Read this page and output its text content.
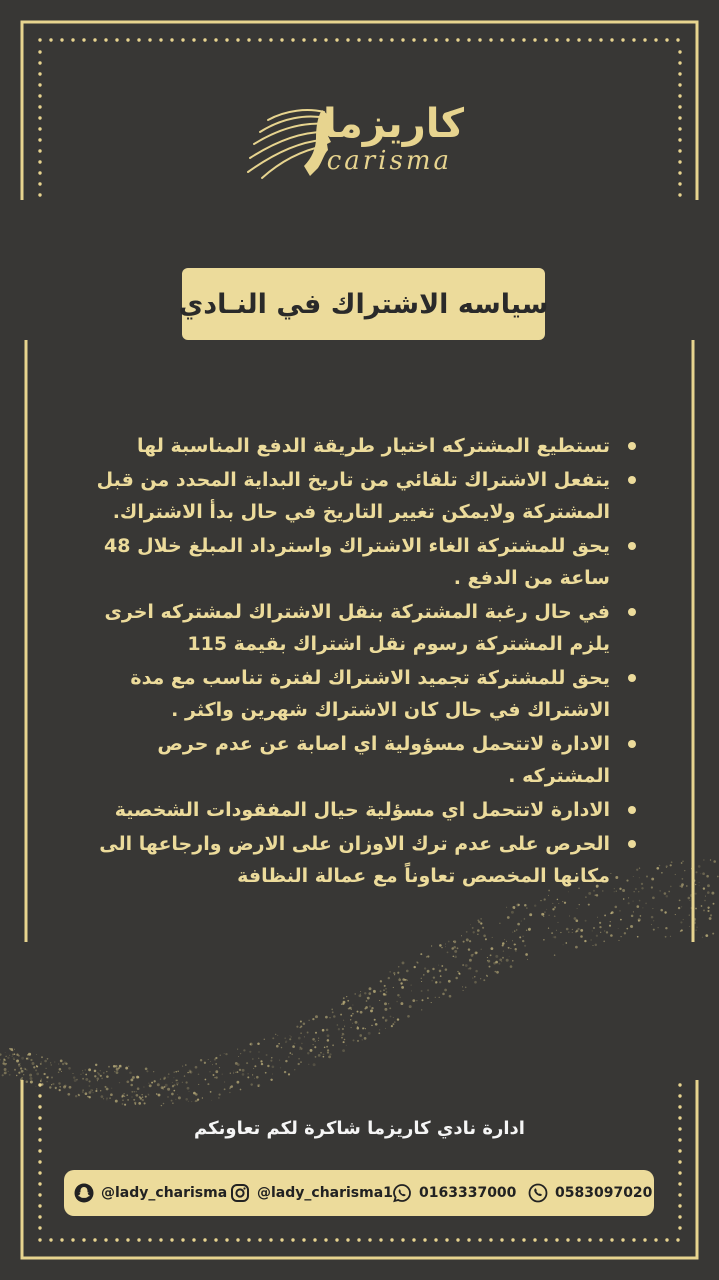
كاريزما
carisma
سياسه الاشتراك في النـادي
تستطيع المشتركه اختيار طريقة الدفع المناسبة لها
يتفعل الاشتراك تلقائي من تاريخ البداية المحدد من قبل المشتركة ولايمكن تغيير التاريخ في حال بدأ الاشتراك.
يحق للمشتركة الغاء الاشتراك واسترداد المبلغ خلال 48 ساعة من الدفع .
في حال رغبة المشتركة بنقل الاشتراك لمشتركه اخرى يلزم المشتركة رسوم نقل اشتراك بقيمة 115
يحق للمشتركة تجميد الاشتراك لفترة تناسب مع مدة الاشتراك في حال كان الاشتراك شهرين واكثر .
الادارة لاتتحمل مسؤولية اي اصابة عن عدم حرص المشتركه .
الادارة لاتتحمل اي مسؤلية حيال المفقودات الشخصية
الحرص على عدم ترك الاوزان على الارض وارجاعها الى مكانها المخصص تعاوناً مع عمالة النظافة
ادارة نادي كاريزما شاكرة لكم تعاونكم
@lady_charisma @lady_charisma1 0163337000	0583097020
